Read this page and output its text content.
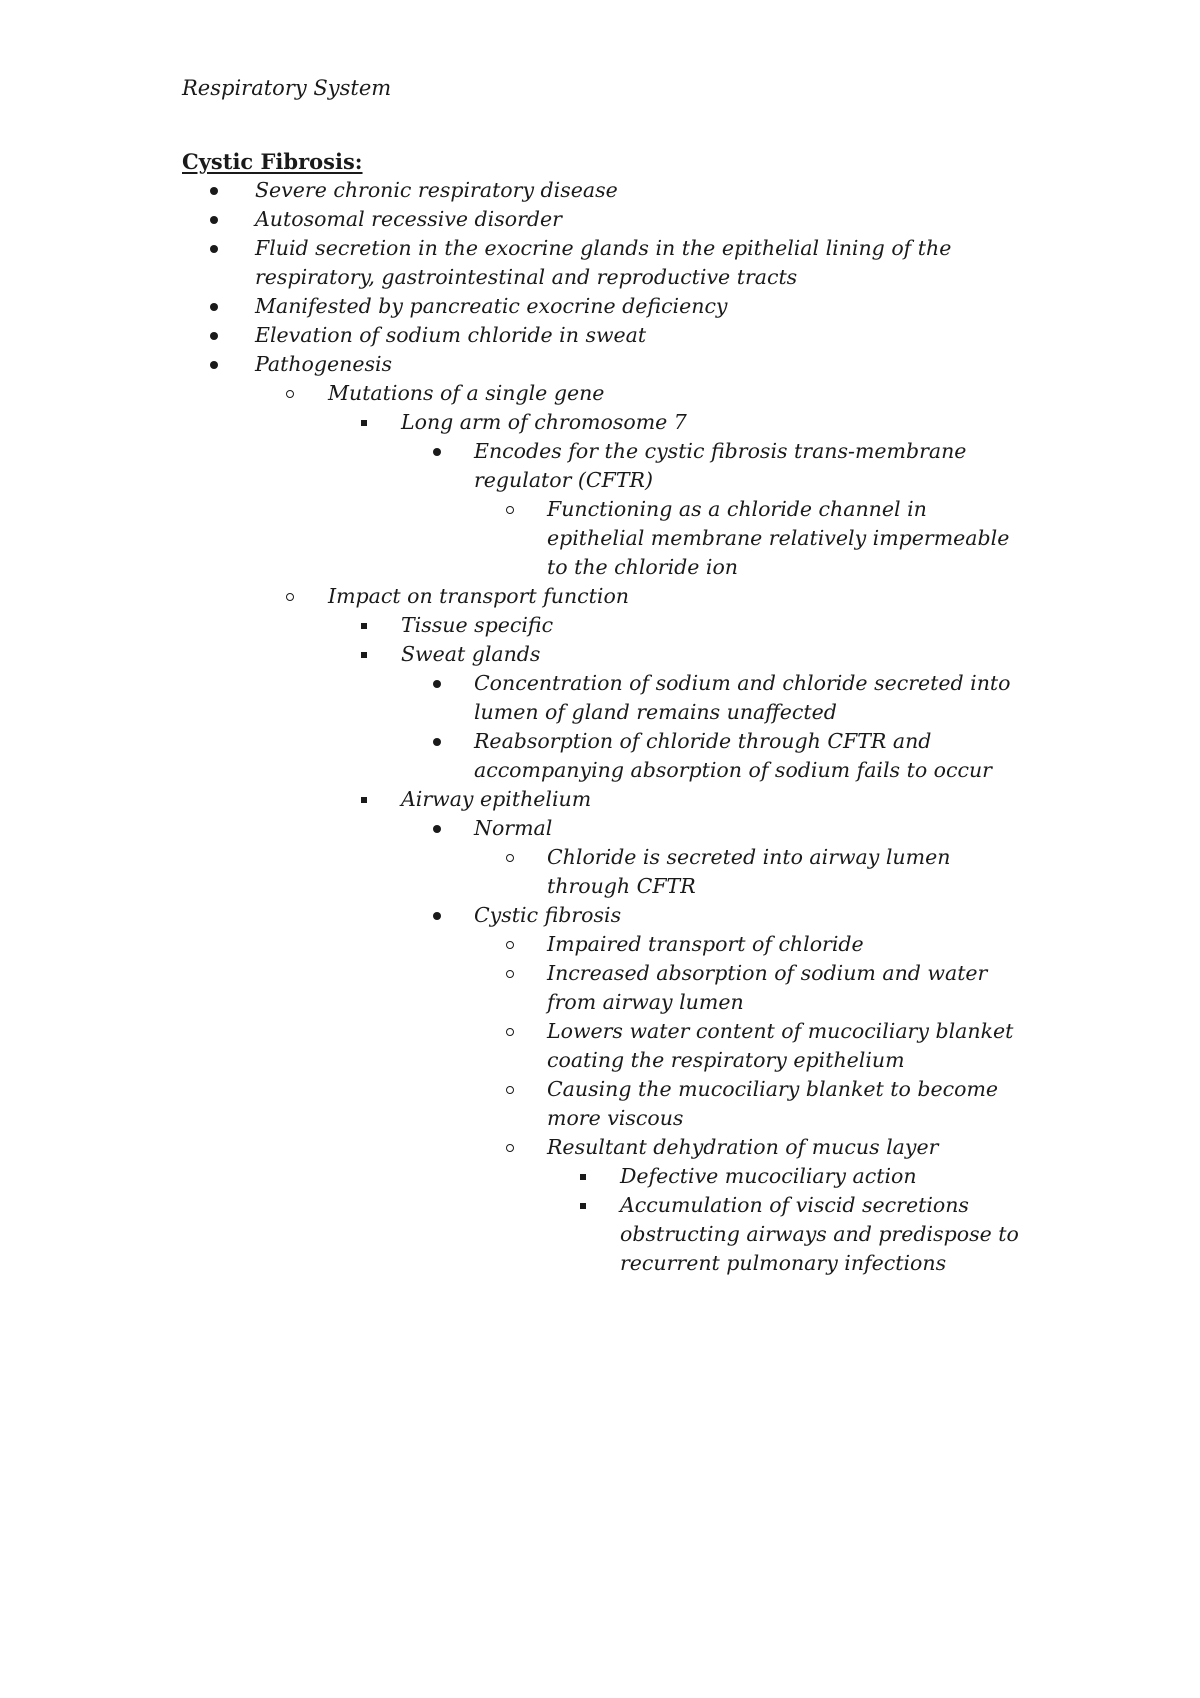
Respiratory System
Cystic Fibrosis:
Severe chronic respiratory disease
Autosomal recessive disorder
Fluid secretion in the exocrine glands in the epithelial lining of the respiratory, gastrointestinal and reproductive tracts
Manifested by pancreatic exocrine deficiency
Elevation of sodium chloride in sweat
Pathogenesis
Mutations of a single gene
Long arm of chromosome 7
Encodes for the cystic fibrosis trans-membrane regulator (CFTR)
Functioning as a chloride channel in epithelial membrane relatively impermeable to the chloride ion
Impact on transport function
Tissue specific
Sweat glands
Concentration of sodium and chloride secreted into lumen of gland remains unaffected
Reabsorption of chloride through CFTR and accompanying absorption of sodium fails to occur
Airway epithelium
Normal
Chloride is secreted into airway lumen through CFTR
Cystic fibrosis
Impaired transport of chloride
Increased absorption of sodium and water from airway lumen
Lowers water content of mucociliary blanket coating the respiratory epithelium
Causing the mucociliary blanket to become more viscous
Resultant dehydration of mucus layer
Defective mucociliary action
Accumulation of viscid secretions obstructing airways and predispose to recurrent pulmonary infections
